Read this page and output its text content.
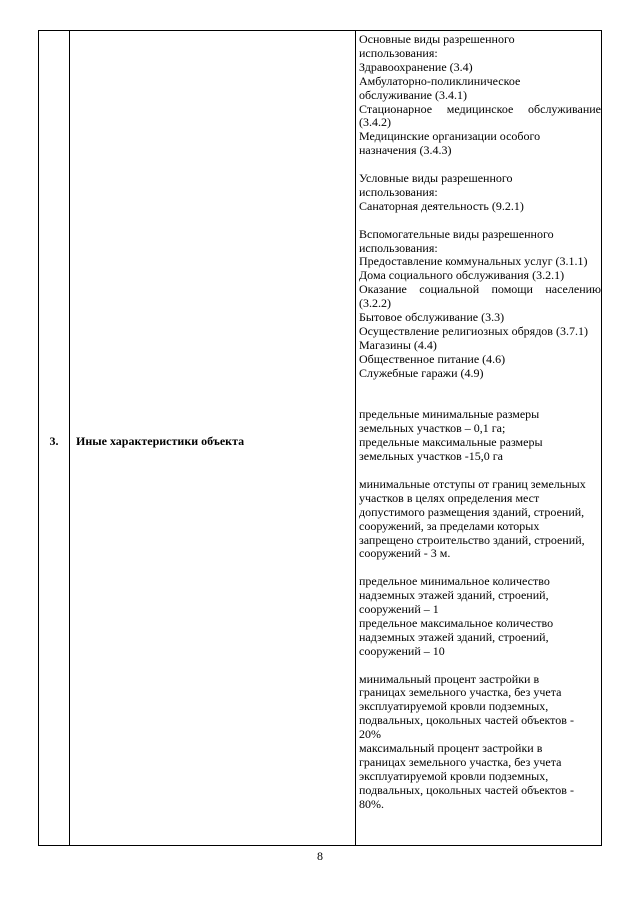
3.	Иные характеристики объекта
Основные виды разрешенного
использования:
Здравоохранение (3.4)
Амбулаторно-поликлиническое
обслуживание (3.4.1)
Стационарное медицинское обслуживание
(3.4.2)
Медицинские организации особого
назначения (3.4.3)
Условные виды разрешенного
использования:
Санаторная деятельность (9.2.1)
Вспомогательные виды разрешенного
использования:
Предоставление коммунальных услуг (3.1.1)
Дома социального обслуживания (3.2.1)
Оказание социальной помощи населению
(3.2.2)
Бытовое обслуживание (3.3)
Осуществление религиозных обрядов (3.7.1)
Магазины (4.4)
Общественное питание (4.6)
Служебные гаражи (4.9)
предельные минимальные размеры
земельных участков – 0,1 га;
предельные максимальные размеры
земельных участков -15,0 га
минимальные отступы от границ земельных
участков в целях определения мест
допустимого размещения зданий, строений,
сооружений, за пределами которых
запрещено строительство зданий, строений,
сооружений - 3 м.
предельное минимальное количество
надземных этажей зданий, строений,
сооружений – 1
предельное максимальное количество
надземных этажей зданий, строений,
сооружений – 10
минимальный процент застройки в
границах земельного участка, без учета
эксплуатируемой кровли подземных,
подвальных, цокольных частей объектов -
20%
максимальный процент застройки в
границах земельного участка, без учета
эксплуатируемой кровли подземных,
подвальных, цокольных частей объектов -
80%.
8
